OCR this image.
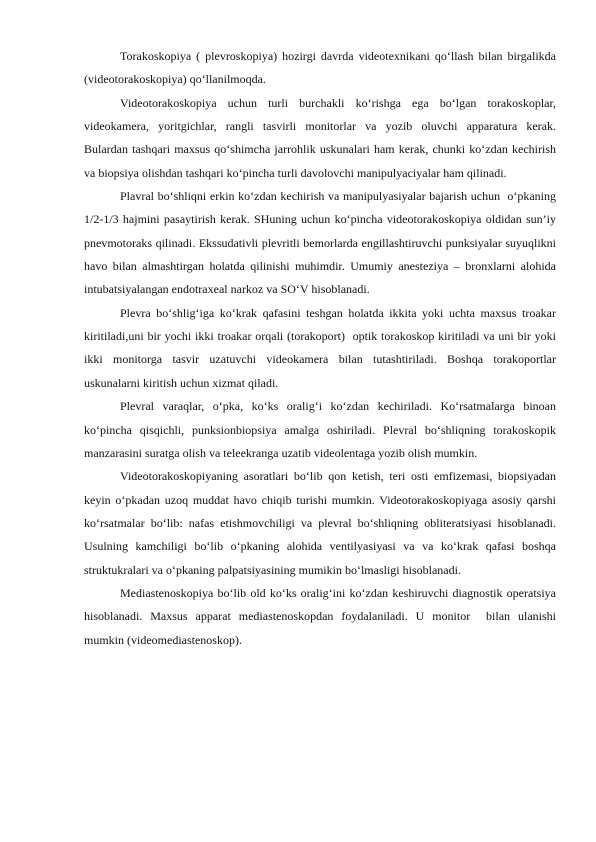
Torakoskopiya ( plevroskopiya) hozirgi davrda videotexnikani qo‘llash bilan birgalikda (videotorakoskopiya) qo‘llanilmoqda.

Videotorakoskopiya uchun turli burchakli ko‘rishga ega bo‘lgan torakoskoplar, videokamera, yoritgichlar, rangli tasvirli monitorlar va yozib oluvchi apparatura kerak.    Bulardan tashqari maxsus qo‘shimcha jarrohlik uskunalari ham kerak, chunki ko‘zdan kechirish va biopsiya olishdan tashqari ko‘pincha turli davolovchi manipulyaciyalar ham qilinadi.

Plavral bo‘shliqni erkin ko‘zdan kechirish va manipulyasiyalar bajarish uchun  o‘pkaning 1/2-1/3 hajmini pasaytirish kerak. SHuning uchun ko‘pincha videotorakoskopiya oldidan sun’iy pnevmotoraks qilinadi. Ekssudativli plevritli bemorlarda engillashtiruvchi punksiyalar suyuqlikni havo bilan almashtirgan holatda qilinishi muhimdir. Umumiy anesteziya – bronxlarni alohida intubatsiyalangan endotraxeal narkoz va SO‘V hisoblanadi.

Plevra bo‘shlig‘iga ko‘krak qafasini teshgan holatda ikkita yoki uchta maxsus troakar kiritiladi,uni bir yochi ikki troakar orqali (torakoport)  optik torakoskop kiritiladi va uni bir yoki ikki monitorga tasvir uzatuvchi videokamera bilan tutashtiriladi. Boshqa torakoportlar uskunalarni kiritish uchun xizmat qiladi.

Plevral varaqlar, o‘pka, ko‘ks oralig‘i ko‘zdan kechiriladi. Ko‘rsatmalarga binoan ko‘pincha qisqichli, punksionbiopsiya amalga oshiriladi. Plevral bo‘shliqning torakoskopik manzarasini suratga olish va teleekranga uzatib videolentaga yozib olish mumkin.

Videotorakoskopiyaning asoratlari bo‘lib qon ketish, teri osti emfizemasi, biopsiyadan keyin o‘pkadan uzoq muddat havo chiqib turishi mumkin. Videotorakoskopiyaga asosiy qarshi ko‘rsatmalar bo‘lib: nafas etishmovchiligi va plevral bo‘shliqning obliteratsiyasi hisoblanadi. Usulning kamchiligi bo‘lib o‘pkaning alohida ventilyasiyasi va va ko‘krak qafasi boshqa struktukralari va o‘pkaning palpatsiyasining mumikin bo‘lmasligi hisoblanadi.

Mediastenoskopiya bo‘lib old ko‘ks oralig‘ini ko‘zdan keshiruvchi diagnostik operatsiya hisoblanadi. Maxsus apparat mediastenoskopdan foydalaniladi. U monitor  bilan ulanishi  mumkin (videomediastenoskop).
